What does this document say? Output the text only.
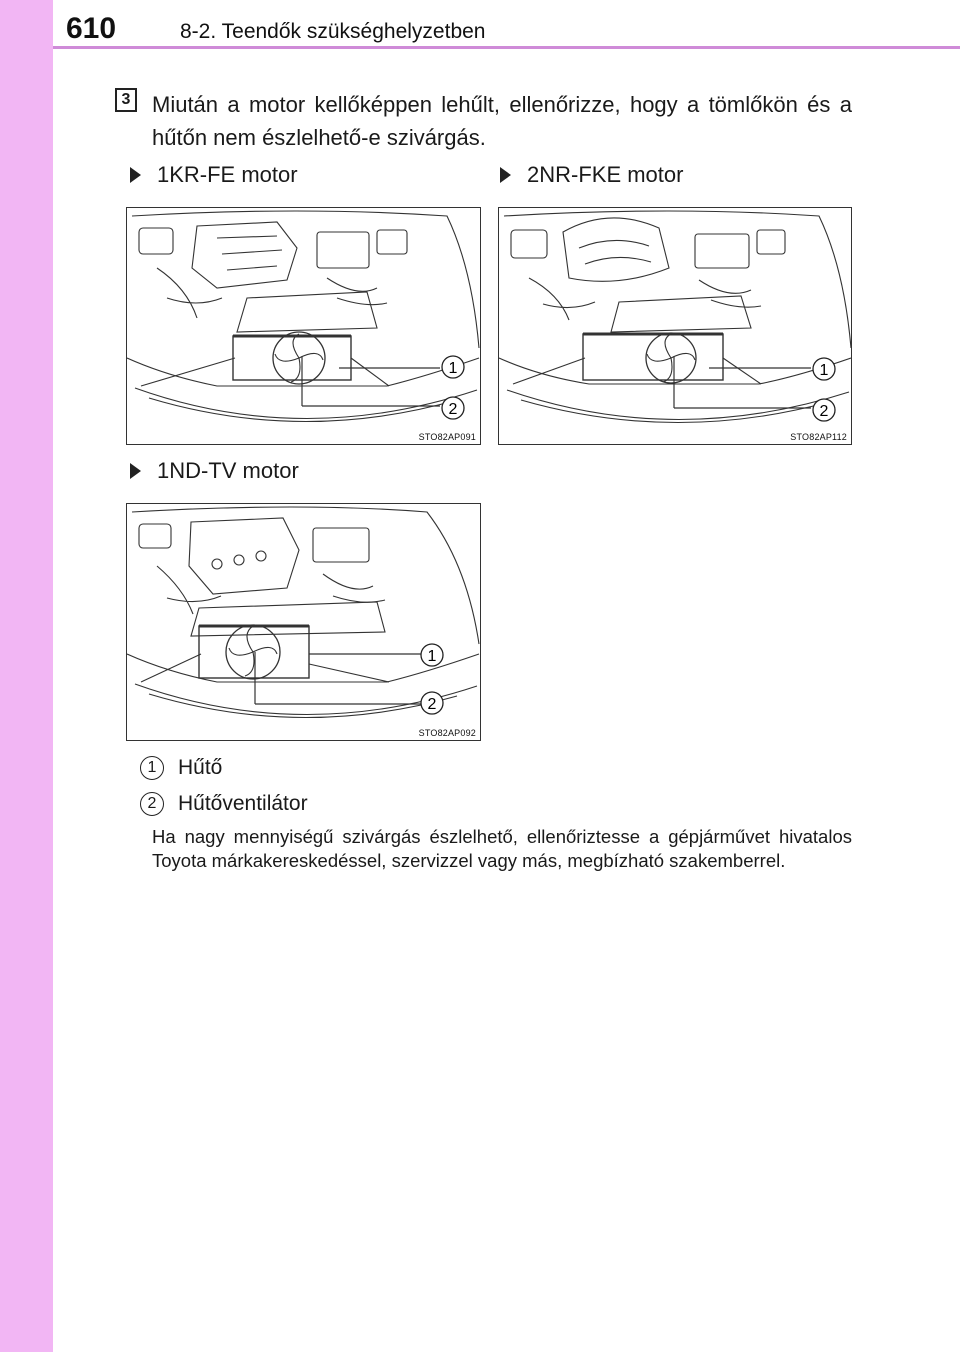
610	8-2. Teendők szükséghelyzetben
3 Miután a motor kellőképpen lehűlt, ellenőrizze, hogy a tömlőkön és a hűtőn nem észlelhető-e szivárgás.
1KR-FE motor
1
2
STO82AP091
2NR-FKE motor
1
2
STO82AP112
1ND-TV motor
1
2
STO82AP092
1	Hűtő
2	Hűtőventilátor
Ha nagy mennyiségű szivárgás észlelhető, ellenőriztesse a gépjárművet hivatalos Toyota márkakereskedéssel, szervizzel vagy más, megbízható szakemberrel.
